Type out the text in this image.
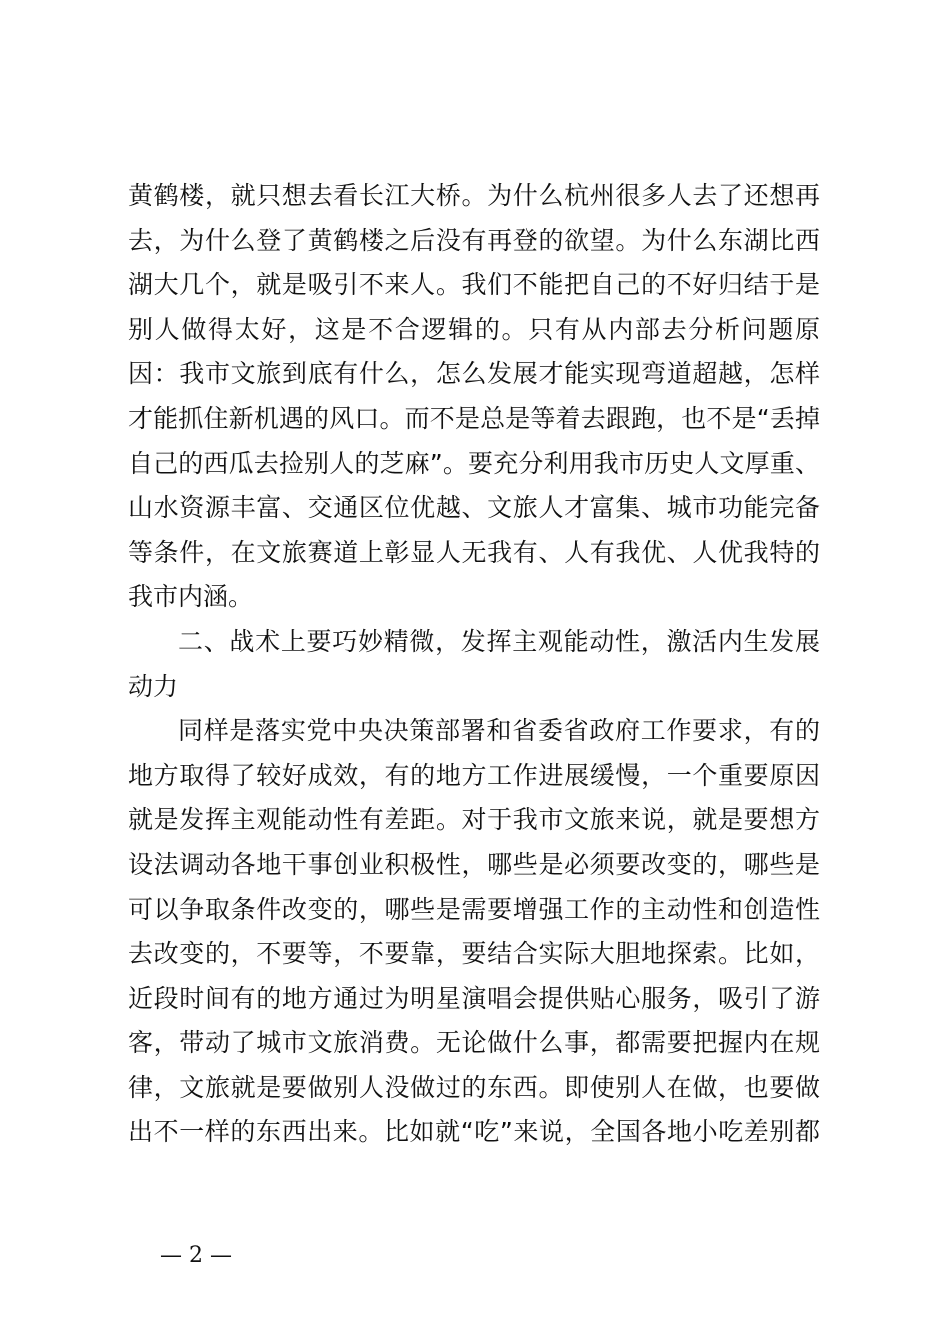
黄鹤楼，就只想去看长江大桥。为什么杭州很多人去了还想再
去，为什么登了黄鹤楼之后没有再登的欲望。为什么东湖比西
湖大几个，就是吸引不来人。我们不能把自己的不好归结于是
别人做得太好，这是不合逻辑的。只有从内部去分析问题原
因：我市文旅到底有什么，怎么发展才能实现弯道超越，怎样
才能抓住新机遇的风口。而不是总是等着去跟跑，也不是“丢掉
自己的西瓜去捡别人的芝麻”。要充分利用我市历史人文厚重、
山水资源丰富、交通区位优越、文旅人才富集、城市功能完备
等条件，在文旅赛道上彰显人无我有、人有我优、人优我特的
我市内涵。
二、战术上要巧妙精微，发挥主观能动性，激活内生发展
动力
同样是落实党中央决策部署和省委省政府工作要求，有的
地方取得了较好成效，有的地方工作进展缓慢，一个重要原因
就是发挥主观能动性有差距。对于我市文旅来说，就是要想方
设法调动各地干事创业积极性，哪些是必须要改变的，哪些是
可以争取条件改变的，哪些是需要增强工作的主动性和创造性
去改变的，不要等，不要靠，要结合实际大胆地探索。比如，
近段时间有的地方通过为明星演唱会提供贴心服务，吸引了游
客，带动了城市文旅消费。无论做什么事，都需要把握内在规
律，文旅就是要做别人没做过的东西。即使别人在做，也要做
出不一样的东西出来。比如就“吃”来说，全国各地小吃差别都
— 2 —
